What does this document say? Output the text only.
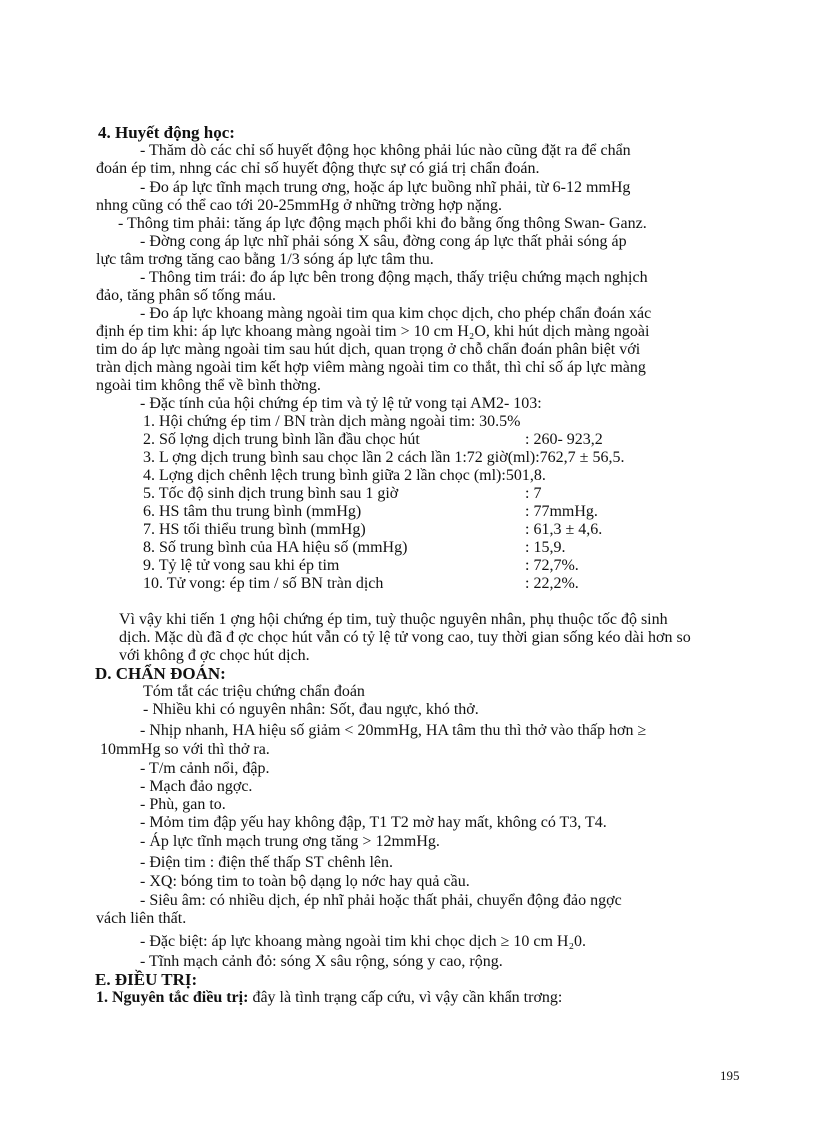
4. Huyết động học:
- Thăm dò các chỉ số huyết động học không phải lúc nào cũng đặt ra để chẩn
đoán ép tim, nhng các chỉ số huyết động thực sự có giá trị chẩn đoán.
- Đo áp lực tĩnh mạch trung ơng, hoặc áp lực buồng nhĩ phải, từ 6-12 mmHg
nhng cũng có thể cao tới 20-25mmHg ở những trờng hợp nặng.
- Thông tim phải: tăng áp lực động mạch phổi khi đo bằng ống thông Swan- Ganz.
- Đờng cong áp lực nhĩ phải sóng X sâu, đờng cong áp lực thất phải sóng áp
lực tâm trơng tăng cao bằng 1/3 sóng áp lực tâm thu.
- Thông tim trái: đo áp lực bên trong động mạch, thấy triệu chứng mạch nghịch
đảo, tăng phân số tống máu.
- Đo áp lực khoang màng ngoài tim qua kim chọc dịch, cho phép chẩn đoán xác
định ép tim khi: áp lực khoang màng ngoài tim > 10 cm H₂O, khi hút dịch màng ngoài
tim do áp lực màng ngoài tim sau hút dịch, quan trọng ở chỗ chẩn đoán phân biệt với
tràn dịch màng ngoài tim kết hợp viêm màng ngoài tim co thắt, thì chỉ số áp lực màng
ngoài tim không thể về bình thờng.
- Đặc tính của hội chứng ép tim và tỷ lệ tử vong tại AM2- 103:
1. Hội chứng ép tim / BN tràn dịch màng ngoài tim: 30.5%
2. Số lợng dịch trung bình lần đầu chọc hút	: 260- 923,2
3. L ợng dịch trung bình sau chọc lần 2 cách lần 1:72 giờ(ml):762,7 ± 56,5.
4. Lợng dịch chênh lệch trung bình giữa 2 lần chọc (ml):501,8.
5. Tốc độ sinh dịch trung bình sau 1 giờ	: 7
6. HS tâm thu trung bình (mmHg)	: 77mmHg.
7. HS tối thiểu trung bình (mmHg)	: 61,3 ± 4,6.
8. Số trung bình của HA hiệu số (mmHg)	: 15,9.
9. Tỷ lệ tử vong sau khi ép tim	: 72,7%.
10. Tử vong: ép tim / số BN tràn dịch	: 22,2%.
Vì vậy khi tiến 1 ợng hội chứng ép tim, tuỳ thuộc nguyên nhân, phụ thuộc tốc độ sinh
dịch. Mặc dù đã đ ợc chọc hút vẫn có tỷ lệ tử vong cao, tuy thời gian sống kéo dài hơn so
với không đ ợc chọc hút dịch.
D. CHẨN ĐOÁN:
Tóm tắt các triệu chứng chẩn đoán
- Nhiều khi có nguyên nhân: Sốt, đau ngực, khó thở.
- Nhịp nhanh, HA hiệu số giảm < 20mmHg, HA tâm thu thì thở vào thấp hơn ≥
10mmHg so với thì thở ra.
- T/m cảnh nổi, đập.
- Mạch đảo ngợc.
- Phù, gan to.
- Mỏm tim đập yếu hay không đập, T1 T2 mờ hay mất, không có T3, T4.
- Áp lực tĩnh mạch trung ơng tăng > 12mmHg.
- Điện tim : điện thế thấp ST chênh lên.
- XQ: bóng tim to toàn bộ dạng lọ nớc hay quả cầu.
- Siêu âm: có nhiều dịch, ép nhĩ phải hoặc thất phải, chuyển động đảo ngợc
vách liên thất.
- Đặc biệt: áp lực khoang màng ngoài tim khi chọc dịch ≥ 10 cm H₂0.
- Tĩnh mạch cảnh đỏ: sóng X sâu rộng, sóng y cao, rộng.
E. ĐIỀU TRỊ:
1. Nguyên tắc điều trị: đây là tình trạng cấp cứu, vì vậy cần khẩn trơng:
195
